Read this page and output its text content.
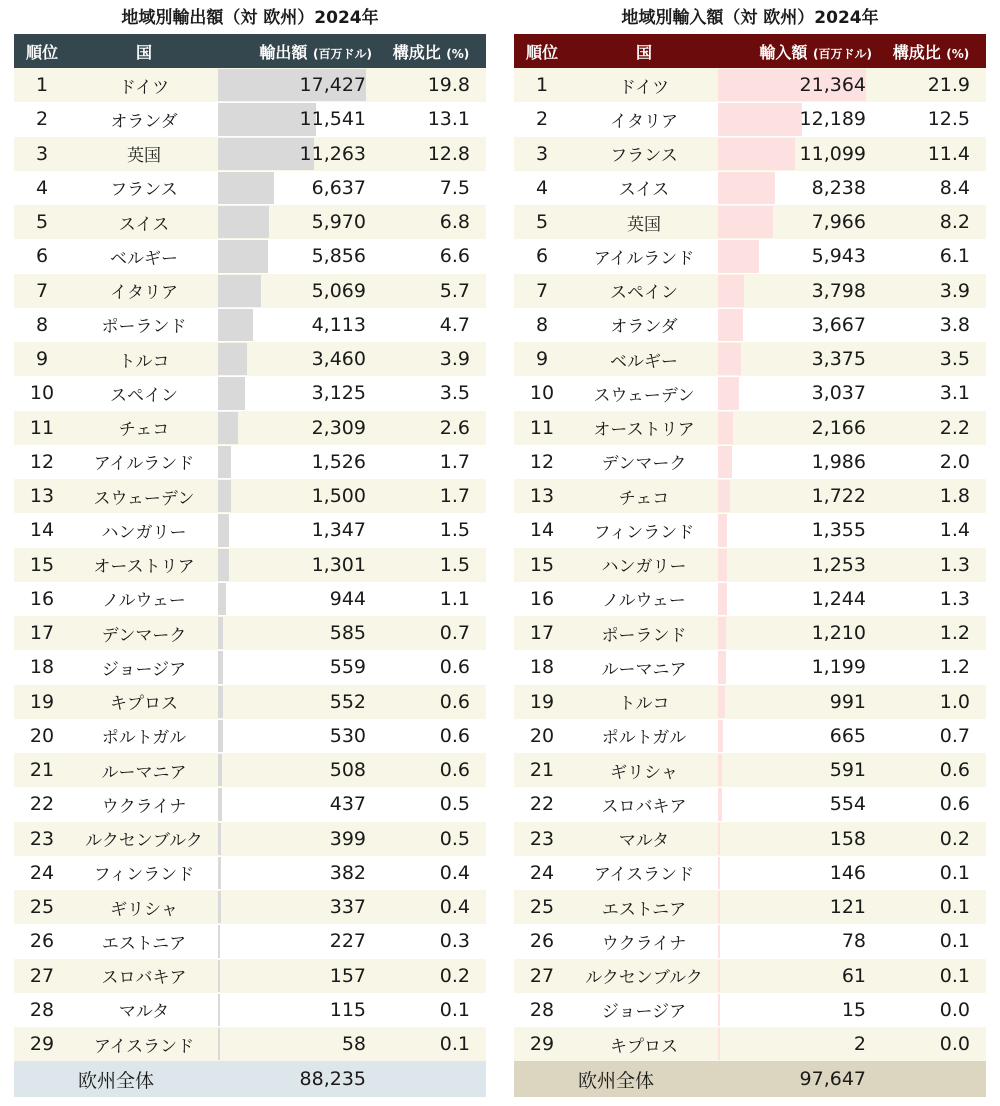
地域別輸出額（対 欧州）2024年
順位	国	輸出額 (百万ドル)	構成比 (%)
1	ドイツ	17,427	19.8
2	オランダ	11,541	13.1
3	英国	11,263	12.8
4	フランス	6,637	7.5
5	スイス	5,970	6.8
6	ベルギー	5,856	6.6
7	イタリア	5,069	5.7
8	ポーランド	4,113	4.7
9	トルコ	3,460	3.9
10	スペイン	3,125	3.5
11	チェコ	2,309	2.6
12	アイルランド	1,526	1.7
13	スウェーデン	1,500	1.7
14	ハンガリー	1,347	1.5
15	オーストリア	1,301	1.5
16	ノルウェー	944	1.1
17	デンマーク	585	0.7
18	ジョージア	559	0.6
19	キプロス	552	0.6
20	ポルトガル	530	0.6
21	ルーマニア	508	0.6
22	ウクライナ	437	0.5
23	ルクセンブルク	399	0.5
24	フィンランド	382	0.4
25	ギリシャ	337	0.4
26	エストニア	227	0.3
27	スロバキア	157	0.2
28	マルタ	115	0.1
29	アイスランド	58	0.1
欧州全体		88,235	
地域別輸入額（対 欧州）2024年
順位	国	輸入額 (百万ドル)	構成比 (%)
1	ドイツ	21,364	21.9
2	イタリア	12,189	12.5
3	フランス	11,099	11.4
4	スイス	8,238	8.4
5	英国	7,966	8.2
6	アイルランド	5,943	6.1
7	スペイン	3,798	3.9
8	オランダ	3,667	3.8
9	ベルギー	3,375	3.5
10	スウェーデン	3,037	3.1
11	オーストリア	2,166	2.2
12	デンマーク	1,986	2.0
13	チェコ	1,722	1.8
14	フィンランド	1,355	1.4
15	ハンガリー	1,253	1.3
16	ノルウェー	1,244	1.3
17	ポーランド	1,210	1.2
18	ルーマニア	1,199	1.2
19	トルコ	991	1.0
20	ポルトガル	665	0.7
21	ギリシャ	591	0.6
22	スロバキア	554	0.6
23	マルタ	158	0.2
24	アイスランド	146	0.1
25	エストニア	121	0.1
26	ウクライナ	78	0.1
27	ルクセンブルク	61	0.1
28	ジョージア	15	0.0
29	キプロス	2	0.0
欧州全体		97,647	
